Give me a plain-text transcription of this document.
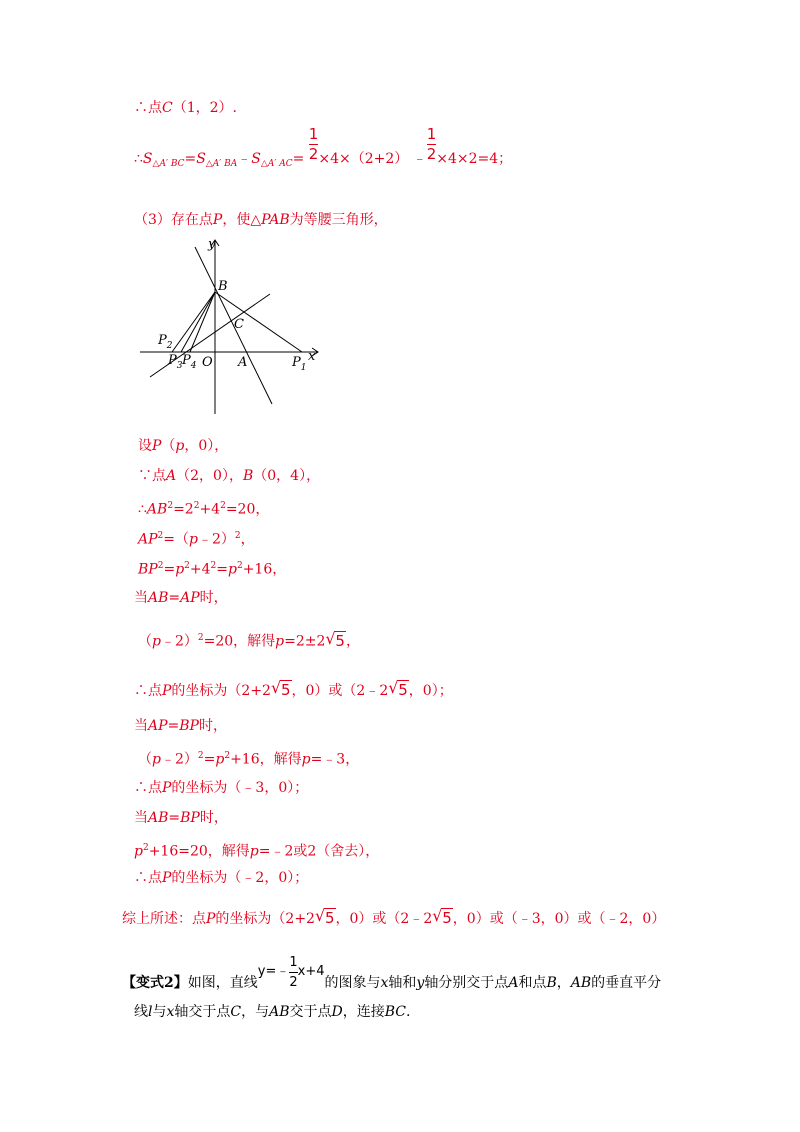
∴点C（1，2）.
$\therefore S_{\triangle A' BC}=S_{\triangle A' BA}﹣S_{\triangle A' AC}= \frac{1}{2} \times 4\times(2+2)$ ﹣ $\frac{1}{2} \times 4\times 2=4$；
（3）存在点P，使△PAB为等腰三角形，
y
x
B
C
O A	$P_1$
$P_2$
$P_3$ $P_4$
设P（p，0），
∵点A（2，0），B（0，4），
$\therefore AB^2=2^2+4^2=20$，
$AP^2=(p﹣2)^2$，
$BP^2=p^2+4^2=p^2+16$，
当AB=AP时，
（p﹣2）$^2$=20，解得p=2±2 √ 5，
∴点P的坐标为（2+2 √ 5，0）或（2﹣2 √ 5，0）；
当AP=BP时，
$(p﹣2)^2=p^2+16$，解得p=﹣3，
∴点P的坐标为（﹣3，0）；
当AB=BP时，
$p^2+16=20$，解得p=﹣2或2（舍去），
∴点P的坐标为（﹣2，0）；
综上所述：点P的坐标为（2+2 √ 5，0）或（2﹣2 √ 5，0）或（﹣3，0）或（﹣2，0）
【变式2】如图，直线y=﹣ $\frac{1}{2} x+4$的图象与x轴和y轴分别交于点A和点B，AB的垂直平分
线l与x轴交于点C，与AB交于点D，连接BC.
